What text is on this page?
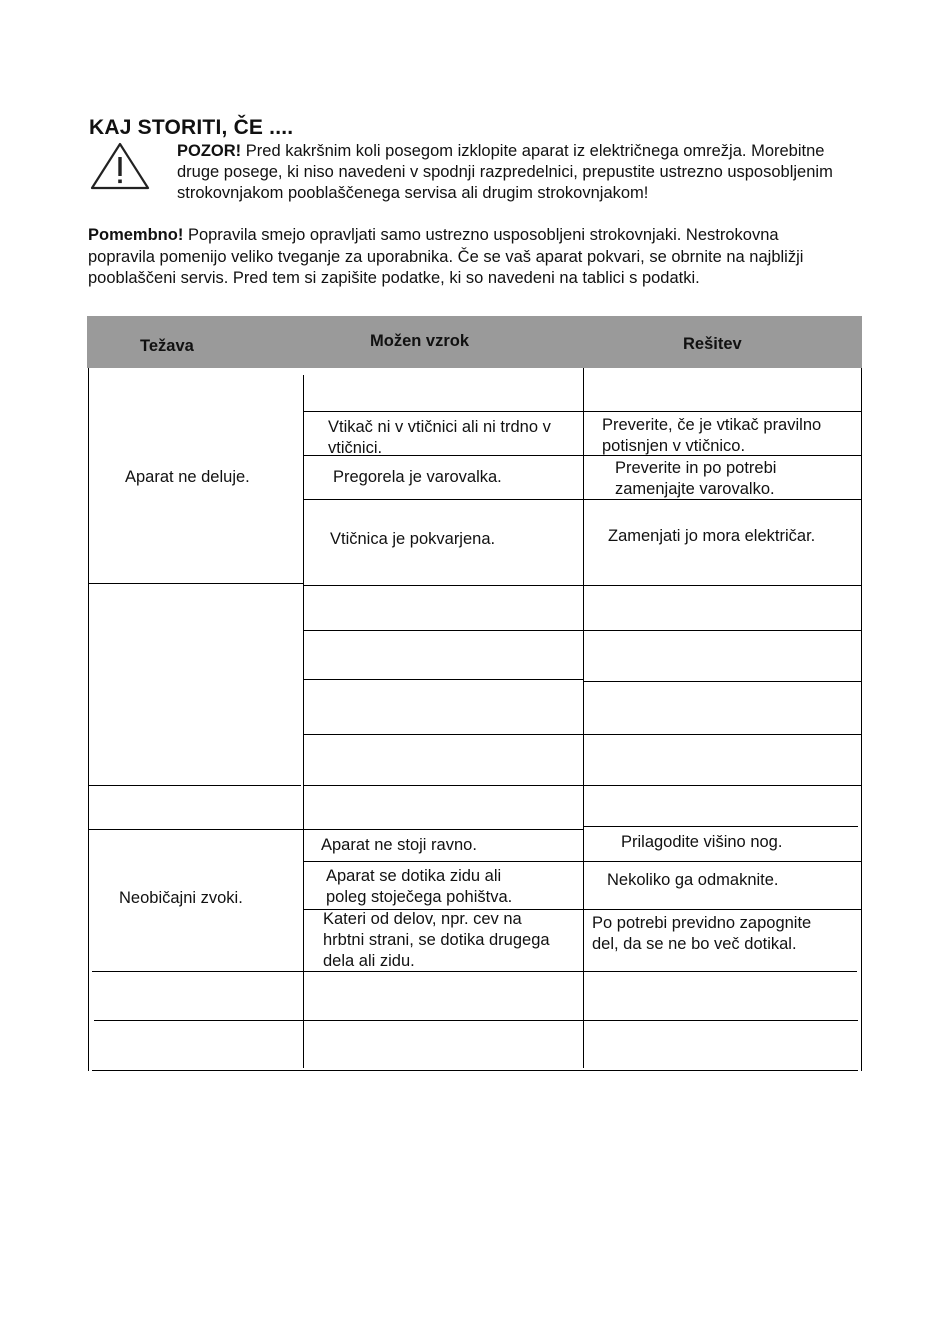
KAJ STORITI, ČE ....
POZOR! Pred kakršnim koli posegom izklopite aparat iz električnega omrežja. Morebitne druge posege, ki niso navedeni v spodnji razpredelnici, prepustite ustrezno usposobljenim strokovnjakom pooblaščenega servisa ali drugim strokovnjakom!
Pomembno! Popravila smejo opravljati samo ustrezno usposobljeni strokovnjaki. Nestrokovna popravila pomenijo veliko tveganje za uporabnika. Če se vaš aparat pokvari, se obrnite na najbližji pooblaščeni servis. Pred tem si zapišite podatke, ki so navedeni na tablici s podatki.
Težava	Možen vzrok	Rešitev
Aparat ne deluje.
Neobičajni zvoki.
Vtikač ni v vtičnici ali ni trdno v vtičnici.
Pregorela je varovalka.
Vtičnica je pokvarjena.
Aparat ne stoji ravno.
Aparat se dotika zidu ali poleg stoječega pohištva.
Kateri od delov, npr. cev na hrbtni strani, se dotika drugega dela ali zidu.
Preverite, če je vtikač pravilno potisnjen v vtičnico.
Preverite in po potrebi zamenjajte varovalko.
Zamenjati jo mora električar.
Prilagodite višino nog.
Nekoliko ga odmaknite.
Po potrebi previdno zapognite del, da se ne bo več dotikal.
